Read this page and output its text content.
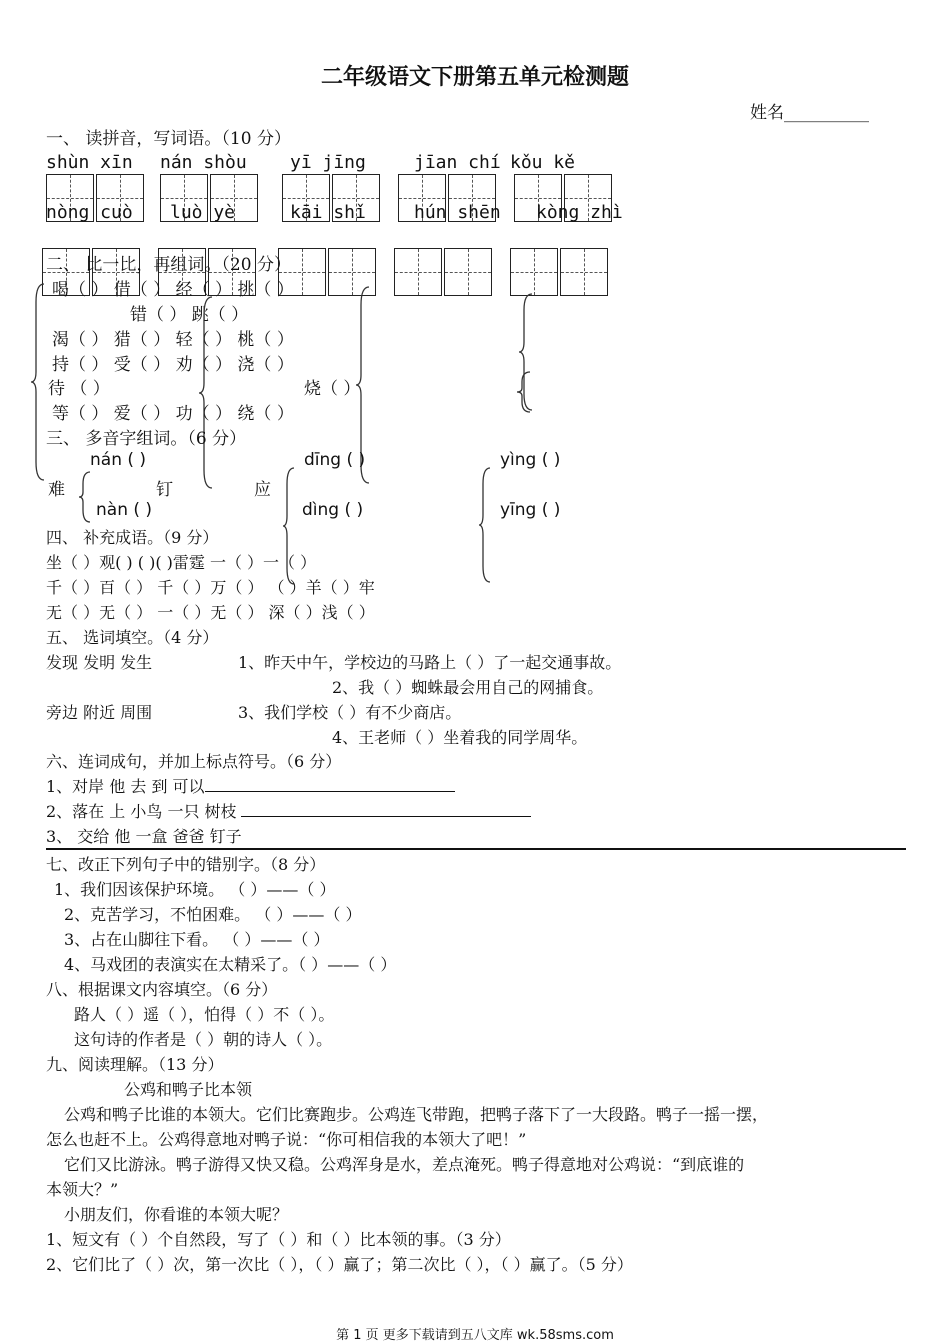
二年级语文下册第五单元检测题
姓名__________
一、 读拼音，写词语。（10 分）
shùn xīn nán shòu yī jīng	jīan chí kǒu kě
nòng cuò luò yè	kāi shǐ	hún shēn kòng zhì
二、 比一比，再组词。（20 分）
喝（ ） 借（ ） 经（ ） 挑（ ）
错（ ） 跳（ ）
渴（ ） 猎（ ） 轻（ ） 桃（ ）
持（ ） 受（ ） 劝（ ） 浇（ ）
待 （ ）	烧（ ）
等（ ） 爱（ ） 功（ ） 绕（ ）
三、 多音字组词。（6 分）
nán ( )	dīng ( )	yìng ( )
难	钉	应
nàn ( )	dìng ( )	yīng ( )
四、 补充成语。（9 分）
坐（ ）观( ) ( )( )雷霆 一（ ）一（ ）
千（ ）百（ ） 千（ ）万（ ） （ ）羊（ ）牢
无（ ）无（ ） 一（ ）无（ ） 深（ ）浅（ ）
五、 选词填空。（4 分）
发现 发明 发生	1、昨天中午，学校边的马路上（ ）了一起交通事故。
2、我（ ）蜘蛛最会用自己的网捕食。
旁边 附近 周围	3、我们学校（ ）有不少商店。
4、王老师（ ）坐着我的同学周华。
六、连词成句，并加上标点符号。（6 分）
1、对岸 他 去 到 可以
2、落在 上 小鸟 一只 树枝
3、 交给 他 一盒 爸爸 钉子
七、改正下列句子中的错别字。（8 分）
1、我们因该保护环境。 （ ）——（ ）
2、克苦学习，不怕困难。 （ ）——（ ）
3、占在山脚往下看。 （ ）——（ ）
4、马戏团的表演实在太精采了。（ ）——（ ）
八、根据课文内容填空。（6 分）
路人（ ）遥（ ），怕得（ ）不（ ）。
这句诗的作者是（ ）朝的诗人（ ）。
九、阅读理解。（13 分）
公鸡和鸭子比本领
公鸡和鸭子比谁的本领大。它们比赛跑步。公鸡连飞带跑，把鸭子落下了一大段路。鸭子一摇一摆，
怎么也赶不上。公鸡得意地对鸭子说：“你可相信我的本领大了吧！”
它们又比游泳。鸭子游得又快又稳。公鸡浑身是水，差点淹死。鸭子得意地对公鸡说：“到底谁的
本领大？”
小朋友们，你看谁的本领大呢？
1、短文有（ ）个自然段，写了（ ）和（ ）比本领的事。（3 分）
2、它们比了（ ）次，第一次比（ ），（ ）赢了；第二次比（ ），（ ）赢了。（5 分）
第 1 页 更多下载请到五八文库 wk.58sms.com
